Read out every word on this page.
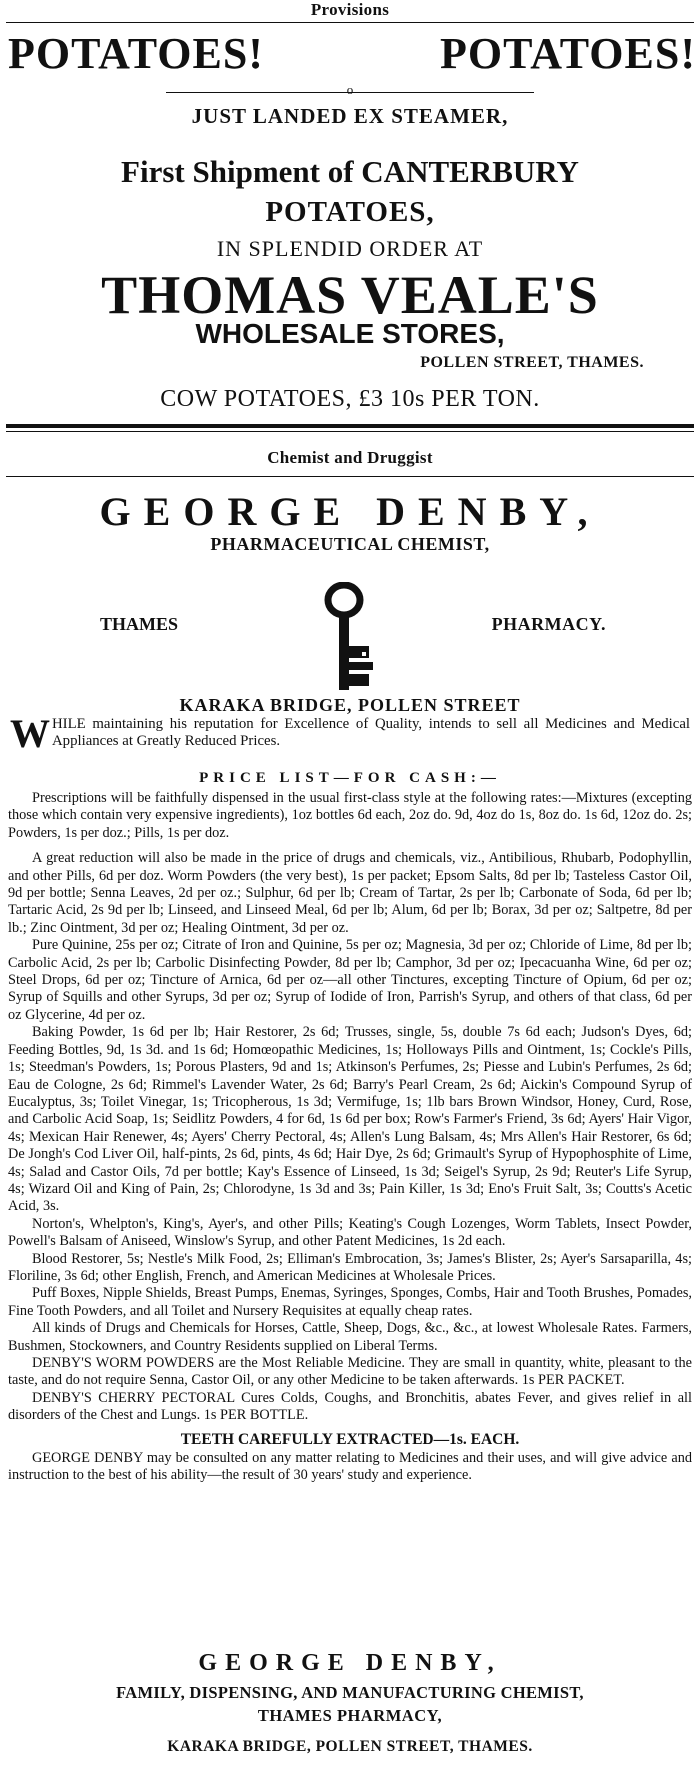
Provisions
POTATOES!	POTATOES!
o
JUST LANDED EX STEAMER,
First Shipment of CANTERBURY
POTATOES,
IN SPLENDID ORDER AT
THOMAS VEALE'S
WHOLESALE STORES,
POLLEN STREET, THAMES.
COW POTATOES, £3 10s PER TON.
Chemist and Druggist
GEORGE DENBY,
PHARMACEUTICAL CHEMIST,
THAMES	PHARMACY.
KARAKA BRIDGE, POLLEN STREET
W HILE maintaining his reputation for Excellence of Quality, intends to sell all Medicines and Medical Appliances at Greatly Reduced Prices.
PRICE LIST—FOR CASH:—

Prescriptions will be faithfully dispensed in the usual first-class style at the following rates:—Mixtures (excepting those which contain very expensive ingredients), 1oz bottles 6d each, 2oz do. 9d, 4oz do 1s, 8oz do. 1s 6d, 12oz do. 2s; Powders, 1s per doz.; Pills, 1s per doz.

A great reduction will also be made in the price of drugs and chemicals, viz., Antibilious, Rhubarb, Podophyllin, and other Pills, 6d per doz. Worm Powders (the very best), 1s per packet; Epsom Salts, 8d per lb; Tasteless Castor Oil, 9d per bottle; Senna Leaves, 2d per oz.; Sulphur, 6d per lb; Cream of Tartar, 2s per lb; Carbonate of Soda, 6d per lb; Tartaric Acid, 2s 9d per lb; Linseed, and Linseed Meal, 6d per lb; Alum, 6d per lb; Borax, 3d per oz; Saltpetre, 8d per lb.; Zinc Ointment, 3d per oz; Healing Ointment, 3d per oz.

Pure Quinine, 25s per oz; Citrate of Iron and Quinine, 5s per oz; Magnesia, 3d per oz; Chloride of Lime, 8d per lb; Carbolic Acid, 2s per lb; Carbolic Disinfecting Powder, 8d per lb; Camphor, 3d per oz; Ipecacuanha Wine, 6d per oz; Steel Drops, 6d per oz; Tincture of Arnica, 6d per oz—all other Tinctures, excepting Tincture of Opium, 6d per oz; Syrup of Squills and other Syrups, 3d per oz; Syrup of Iodide of Iron, Parrish's Syrup, and others of that class, 6d per oz Glycerine, 4d per oz.

Baking Powder, 1s 6d per lb; Hair Restorer, 2s 6d; Trusses, single, 5s, double 7s 6d each; Judson's Dyes, 6d; Feeding Bottles, 9d, 1s 3d. and 1s 6d; Homœopathic Medicines, 1s; Holloways Pills and Ointment, 1s; Cockle's Pills, 1s; Steedman's Powders, 1s; Porous Plasters, 9d and 1s; Atkinson's Perfumes, 2s; Piesse and Lubin's Perfumes, 2s 6d; Eau de Cologne, 2s 6d; Rimmel's Lavender Water, 2s 6d; Barry's Pearl Cream, 2s 6d; Aickin's Compound Syrup of Eucalyptus, 3s; Toilet Vinegar, 1s; Tricopherous, 1s 3d; Vermifuge, 1s; 1lb bars Brown Windsor, Honey, Curd, Rose, and Carbolic Acid Soap, 1s; Seidlitz Powders, 4 for 6d, 1s 6d per box; Row's Farmer's Friend, 3s 6d; Ayers' Hair Vigor, 4s; Mexican Hair Renewer, 4s; Ayers' Cherry Pectoral, 4s; Allen's Lung Balsam, 4s; Mrs Allen's Hair Restorer, 6s 6d; De Jongh's Cod Liver Oil, half-pints, 2s 6d, pints, 4s 6d; Hair Dye, 2s 6d; Grimault's Syrup of Hypophosphite of Lime, 4s; Salad and Castor Oils, 7d per bottle; Kay's Essence of Linseed, 1s 3d; Seigel's Syrup, 2s 9d; Reuter's Life Syrup, 4s; Wizard Oil and King of Pain, 2s; Chlorodyne, 1s 3d and 3s; Pain Killer, 1s 3d; Eno's Fruit Salt, 3s; Coutts's Acetic Acid, 3s.

Norton's, Whelpton's, King's, Ayer's, and other Pills; Keating's Cough Lozenges, Worm Tablets, Insect Powder, Powell's Balsam of Aniseed, Winslow's Syrup, and other Patent Medicines, 1s 2d each.

Blood Restorer, 5s; Nestle's Milk Food, 2s; Elliman's Embrocation, 3s; James's Blister, 2s; Ayer's Sarsaparilla, 4s; Floriline, 3s 6d; other English, French, and American Medicines at Wholesale Prices.

Puff Boxes, Nipple Shields, Breast Pumps, Enemas, Syringes, Sponges, Combs, Hair and Tooth Brushes, Pomades, Fine Tooth Powders, and all Toilet and Nursery Requisites at equally cheap rates.

All kinds of Drugs and Chemicals for Horses, Cattle, Sheep, Dogs, &c., &c., at lowest Wholesale Rates. Farmers, Bushmen, Stockowners, and Country Residents supplied on Liberal Terms.

DENBY'S WORM POWDERS are the Most Reliable Medicine. They are small in quantity, white, pleasant to the taste, and do not require Senna, Castor Oil, or any other Medicine to be taken afterwards. 1s PER PACKET.

DENBY'S CHERRY PECTORAL Cures Colds, Coughs, and Bronchitis, abates Fever, and gives relief in all disorders of the Chest and Lungs. 1s PER BOTTLE.

TEETH CAREFULLY EXTRACTED—1s. EACH.

GEORGE DENBY may be consulted on any matter relating to Medicines and their uses, and will give advice and instruction to the best of his ability—the result of 30 years' study and experience.

GEORGE DENBY,
FAMILY, DISPENSING, AND MANUFACTURING CHEMIST,
THAMES PHARMACY,
KARAKA BRIDGE, POLLEN STREET, THAMES.
